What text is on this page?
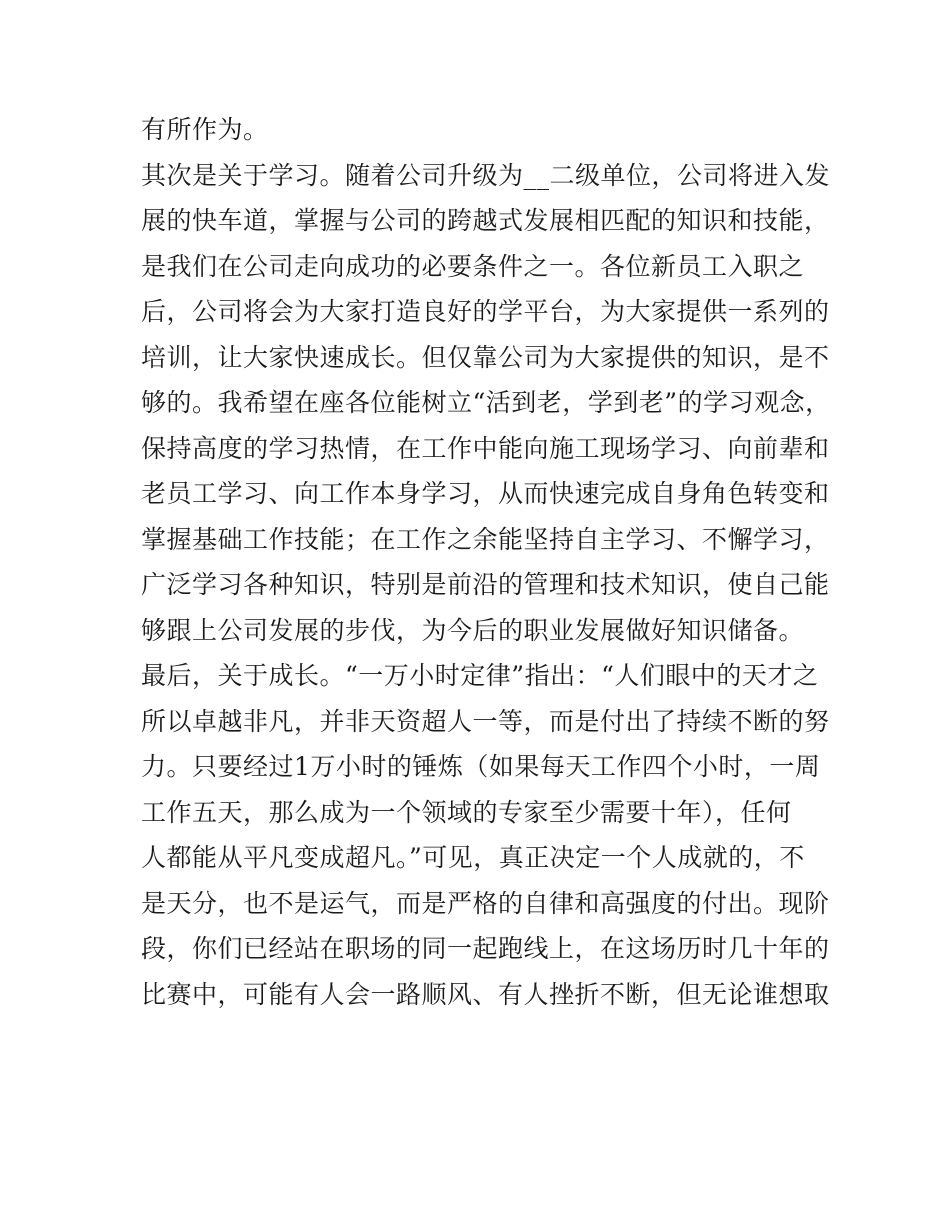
有所作为。
其次是关于学习。随着公司升级为__二级单位，公司将进入发
展的快车道，掌握与公司的跨越式发展相匹配的知识和技能，
是我们在公司走向成功的必要条件之一。各位新员工入职之
后，公司将会为大家打造良好的学平台，为大家提供一系列的
培训，让大家快速成长。但仅靠公司为大家提供的知识，是不
够的。我希望在座各位能树立“活到老，学到老”的学习观念，
保持高度的学习热情，在工作中能向施工现场学习、向前辈和
老员工学习、向工作本身学习，从而快速完成自身角色转变和
掌握基础工作技能；在工作之余能坚持自主学习、不懈学习，
广泛学习各种知识，特别是前沿的管理和技术知识，使自己能
够跟上公司发展的步伐，为今后的职业发展做好知识储备。
最后，关于成长。“一万小时定律”指出：“人们眼中的天才之
所以卓越非凡，并非天资超人一等，而是付出了持续不断的努
力。只要经过1万小时的锤炼（如果每天工作四个小时，一周
工作五天，那么成为一个领域的专家至少需要十年），任何
人都能从平凡变成超凡。”可见，真正决定一个人成就的，不
是天分，也不是运气，而是严格的自律和高强度的付出。现阶
段，你们已经站在职场的同一起跑线上，在这场历时几十年的
比赛中，可能有人会一路顺风、有人挫折不断，但无论谁想取
